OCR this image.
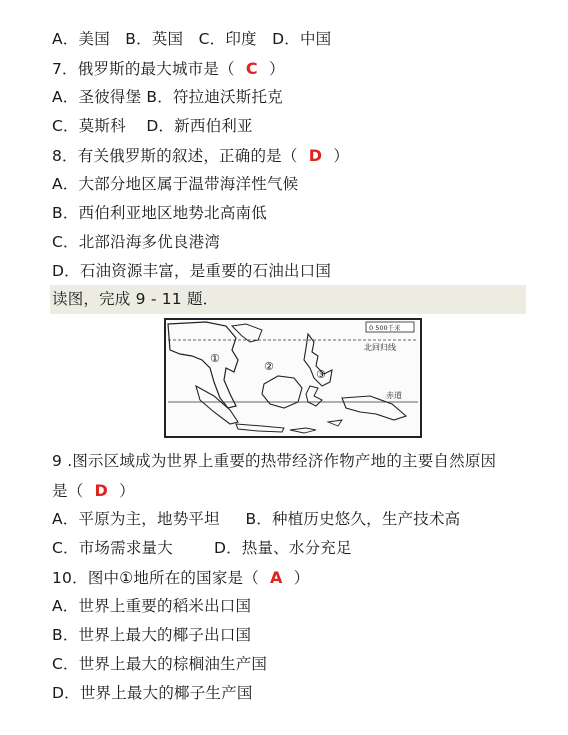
A．美国   B．英国   C．印度   D．中国
7．俄罗斯的最大城市是（ C ）
A．圣彼得堡 B．符拉迪沃斯托克
C．莫斯科    D．新西伯利亚
8．有关俄罗斯的叙述，正确的是（ D ）
A．大部分地区属于温带海洋性气候
B．西伯利亚地区地势北高南低
C．北部沿海多优良港湾
D．石油资源丰富，是重要的石油出口国
读图，完成 9 - 11 题．
0 500千米
北回归线
赤道
①
②
③
9 .图示区域成为世界上重要的热带经济作物产地的主要自然原因
是（ D ）
A．平原为主，地势平坦     B．种植历史悠久，生产技术高
C．市场需求量大        D．热量、水分充足
10．图中①地所在的国家是（ A ）
A．世界上重要的稻米出口国
B．世界上最大的椰子出口国
C．世界上最大的棕榈油生产国
D．世界上最大的椰子生产国
